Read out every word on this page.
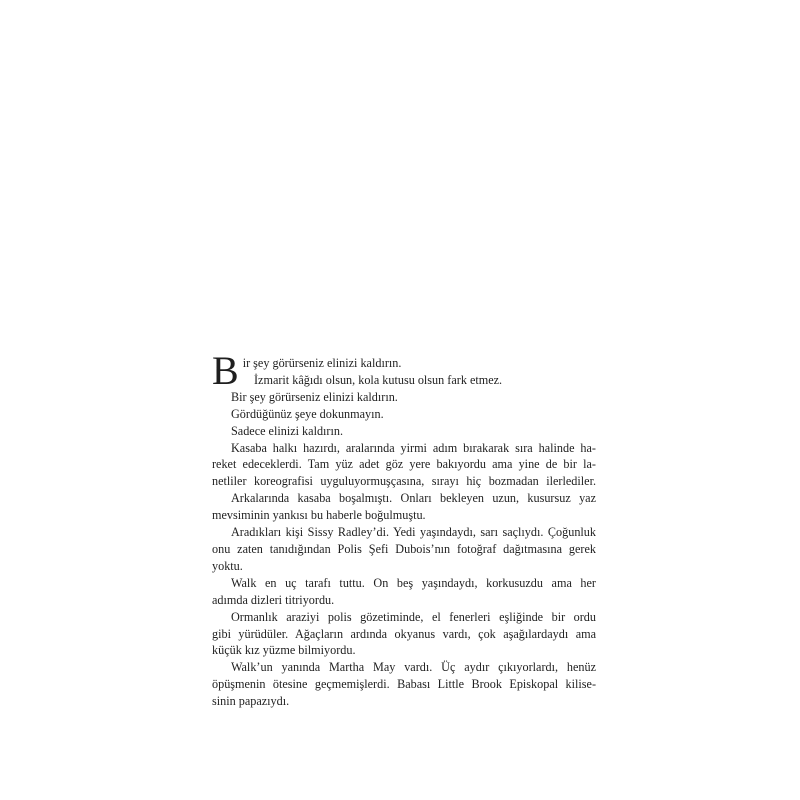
Bir şey görürseniz elinizi kaldırın.

İzmarit kâğıdı olsun, kola kutusu olsun fark etmez.
Bir şey görürseniz elinizi kaldırın.
Gördüğünüz şeye dokunmayın.
Sadece elinizi kaldırın.
Kasaba halkı hazırdı, aralarında yirmi adım bırakarak sıra halinde ha-
reket edeceklerdi. Tam yüz adet göz yere bakıyordu ama yine de bir la-
netliler koreografisi uyguluyormuşçasına, sırayı hiç bozmadan ilerlediler.
Arkalarında kasaba boşalmıştı. Onları bekleyen uzun, kusursuz yaz
mevsiminin yankısı bu haberle boğulmuştu.
Aradıkları kişi Sissy Radley’di. Yedi yaşındaydı, sarı saçlıydı. Çoğunluk
onu zaten tanıdığından Polis Şefi Dubois’nın fotoğraf dağıtmasına gerek
yoktu.
Walk en uç tarafı tuttu. On beş yaşındaydı, korkusuzdu ama her
adımda dizleri titriyordu.
Ormanlık araziyi polis gözetiminde, el fenerleri eşliğinde bir ordu
gibi yürüdüler. Ağaçların ardında okyanus vardı, çok aşağılardaydı ama
küçük kız yüzme bilmiyordu.
Walk’un yanında Martha May vardı. Üç aydır çıkıyorlardı, henüz
öpüşmenin ötesine geçmemişlerdi. Babası Little Brook Episkopal kilise-
sinin papazıydı.
